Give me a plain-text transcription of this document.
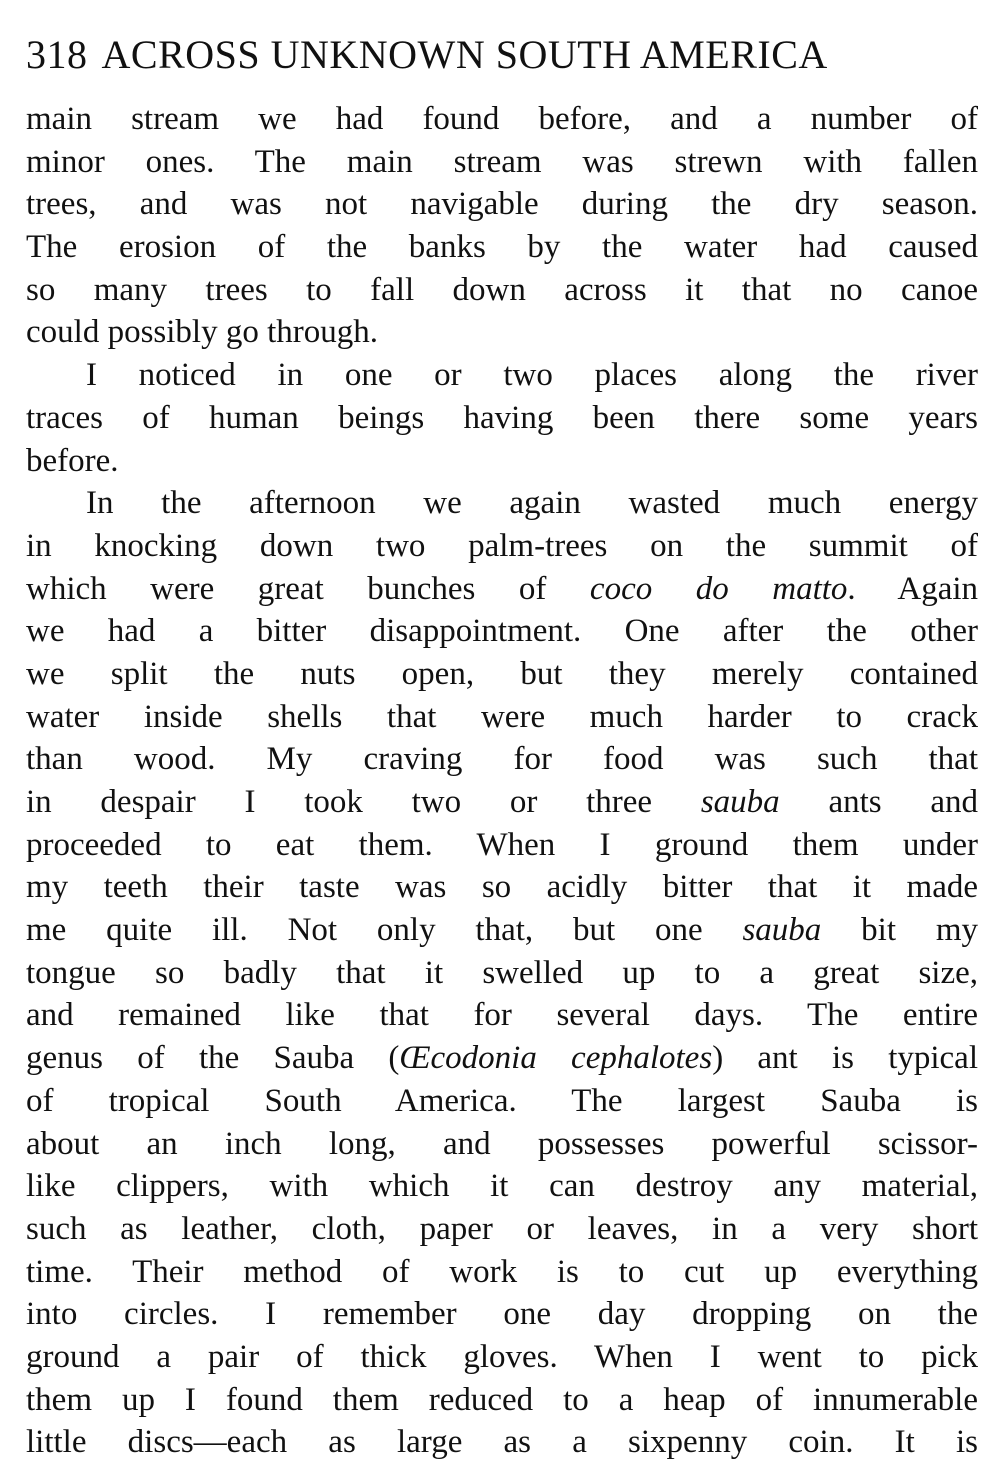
318 ACROSS UNKNOWN SOUTH AMERICA
main stream we had found before, and a number of
minor ones. The main stream was strewn with fallen
trees, and was not navigable during the dry season.
The erosion of the banks by the water had caused
so many trees to fall down across it that no canoe
could possibly go through.
I noticed in one or two places along the river
traces of human beings having been there some years
before.
In the afternoon we again wasted much energy
in knocking down two palm-trees on the summit of
which were great bunches of coco do matto. Again
we had a bitter disappointment. One after the other
we split the nuts open, but they merely contained
water inside shells that were much harder to crack
than wood. My craving for food was such that
in despair I took two or three sauba ants and
proceeded to eat them. When I ground them under
my teeth their taste was so acidly bitter that it made
me quite ill. Not only that, but one sauba bit my
tongue so badly that it swelled up to a great size,
and remained like that for several days. The entire
genus of the Sauba (Œcodonia cephalotes) ant is typical
of tropical South America. The largest Sauba is
about an inch long, and possesses powerful scissor-
like clippers, with which it can destroy any material,
such as leather, cloth, paper or leaves, in a very short
time. Their method of work is to cut up everything
into circles. I remember one day dropping on the
ground a pair of thick gloves. When I went to pick
them up I found them reduced to a heap of innumerable
little discs—each as large as a sixpenny coin. It is
